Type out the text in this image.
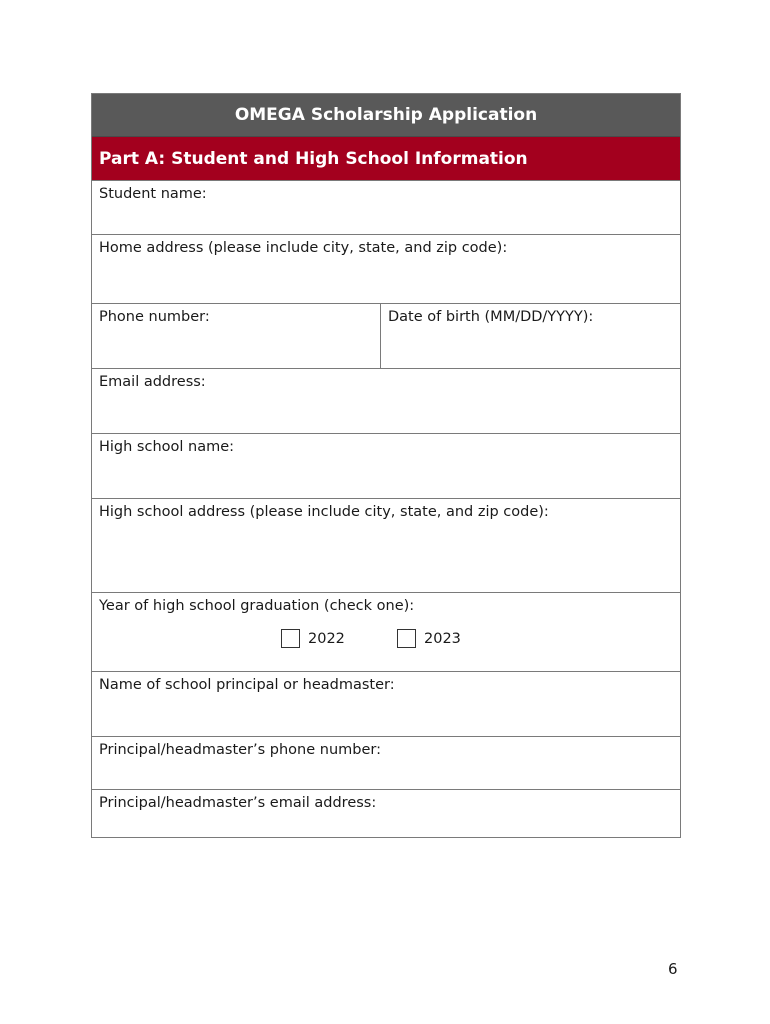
OMEGA Scholarship Application
Part A: Student and High School Information
Student name:
Home address (please include city, state, and zip code):
Phone number:	Date of birth (MM/DD/YYYY):
Email address:
High school name:
High school address (please include city, state, and zip code):
Year of high school graduation (check one):
2022	2023
Name of school principal or headmaster:
Principal/headmaster’s phone number:
Principal/headmaster’s email address:
6
